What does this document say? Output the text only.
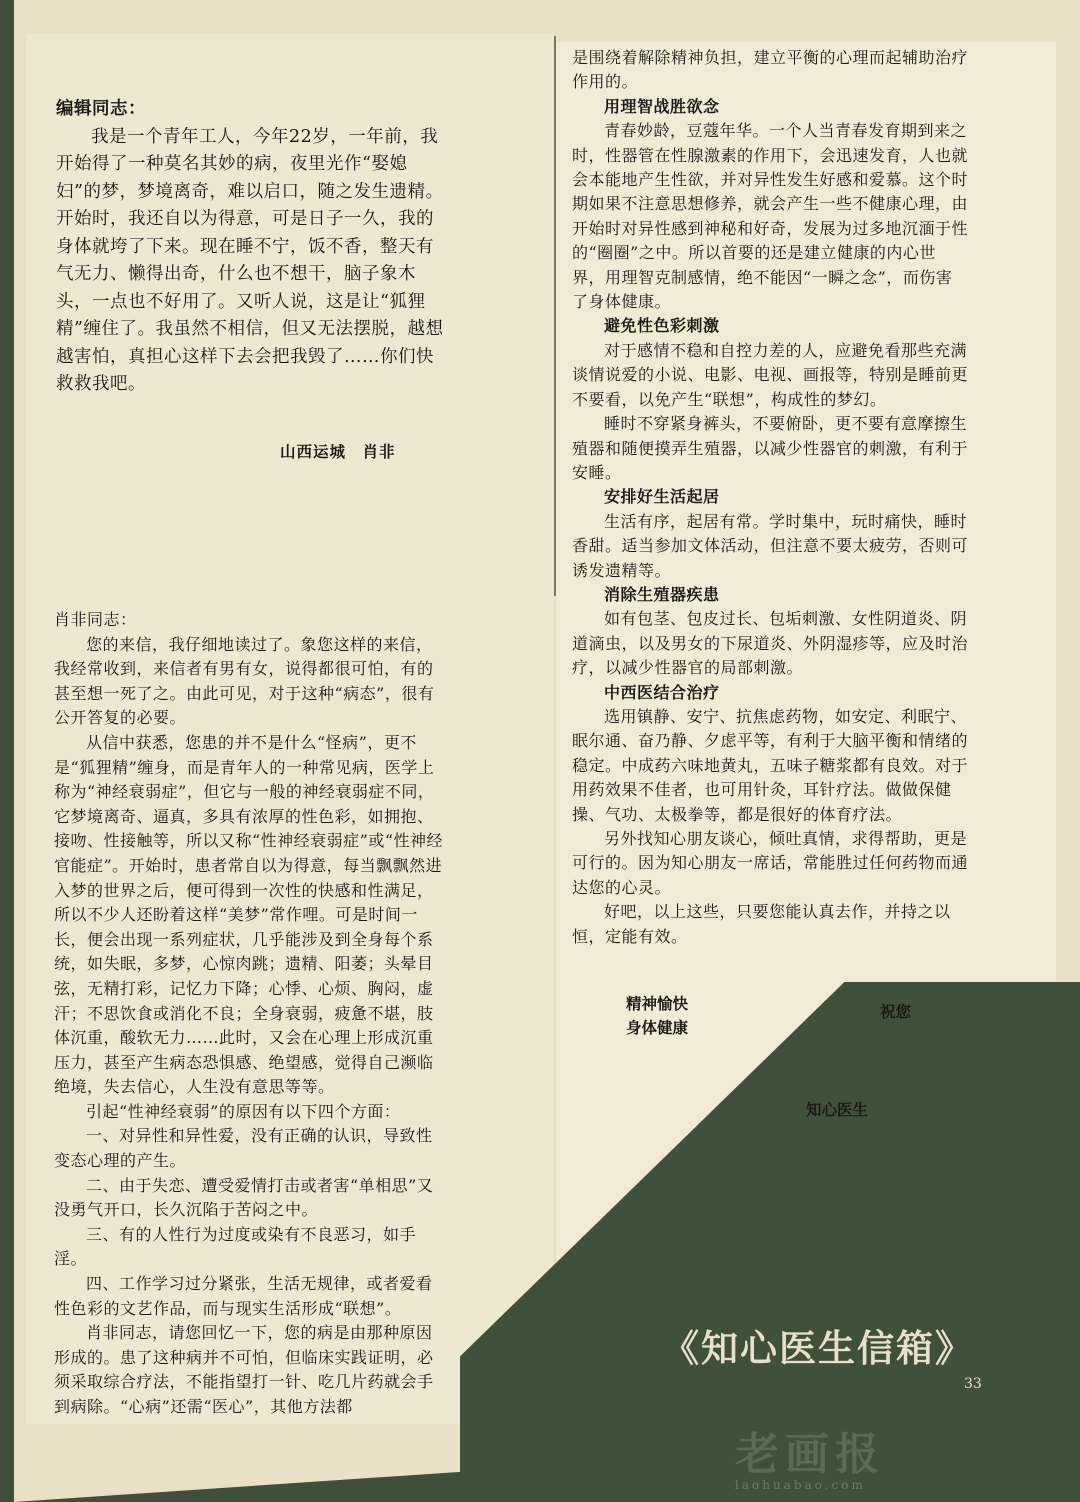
编辑同志：

我是一个青年工人，今年22岁，一年前，我开始得了一种莫名其妙的病，夜里光作“娶媳妇”的梦，梦境离奇，难以启口，随之发生遗精。开始时，我还自以为得意，可是日子一久，我的身体就垮了下来。现在睡不宁，饭不香，整天有气无力、懒得出奇，什么也不想干，脑子象木头，一点也不好用了。又听人说，这是让“狐狸精”缠住了。我虽然不相信，但又无法摆脱，越想越害怕，真担心这样下去会把我毁了……你们快救救我吧。

山西运城　肖非

肖非同志：

您的来信，我仔细地读过了。象您这样的来信，我经常收到，来信者有男有女，说得都很可怕，有的甚至想一死了之。由此可见，对于这种“病态”，很有公开答复的必要。

从信中获悉，您患的并不是什么“怪病”，更不是“狐狸精”缠身，而是青年人的一种常见病，医学上称为“神经衰弱症”，但它与一般的神经衰弱症不同，它梦境离奇、逼真，多具有浓厚的性色彩，如拥抱、接吻、性接触等，所以又称“性神经衰弱症”或“性神经官能症”。开始时，患者常自以为得意，每当飘飘然进入梦的世界之后，便可得到一次性的快感和性满足，所以不少人还盼着这样“美梦”常作哩。可是时间一长，便会出现一系列症状，几乎能涉及到全身每个系统，如失眠，多梦，心惊肉跳；遗精、阳萎；头晕目弦，无精打彩，记忆力下降；心悸、心烦、胸闷，虚汗；不思饮食或消化不良；全身衰弱，疲惫不堪，肢体沉重，酸软无力……此时，又会在心理上形成沉重压力，甚至产生病态恐惧感、绝望感，觉得自己濒临绝境，失去信心，人生没有意思等等。

引起“性神经衰弱”的原因有以下四个方面：

一、对异性和异性爱，没有正确的认识，导致性变态心理的产生。

二、由于失恋、遭受爱情打击或者害“单相思”又没勇气开口，长久沉陷于苦闷之中。

三、有的人性行为过度或染有不良恶习，如手淫。

四、工作学习过分紧张，生活无规律，或者爱看性色彩的文艺作品，而与现实生活形成“联想”。

肖非同志，请您回忆一下，您的病是由那种原因形成的。患了这种病并不可怕，但临床实践证明，必须采取综合疗法，不能指望打一针、吃几片药就会手到病除。“心病”还需“医心”，其他方法都

是围绕着解除精神负担，建立平衡的心理而起辅助治疗作用的。

用理智战胜欲念

青春妙龄，豆蔻年华。一个人当青春发育期到来之时，性器管在性腺激素的作用下，会迅速发育，人也就会本能地产生性欲，并对异性发生好感和爱慕。这个时期如果不注意思想修养，就会产生一些不健康心理，由开始时对异性感到神秘和好奇，发展为过多地沉湎于性的“圈圈”之中。所以首要的还是建立健康的内心世界，用理智克制感情，绝不能因“一瞬之念”，而伤害了身体健康。

避免性色彩刺激

对于感情不稳和自控力差的人，应避免看那些充满谈情说爱的小说、电影、电视、画报等，特别是睡前更不要看，以免产生“联想”，构成性的梦幻。

睡时不穿紧身裤头，不要俯卧，更不要有意摩擦生殖器和随便摸弄生殖器，以减少性器官的刺激，有利于安睡。

安排好生活起居

生活有序，起居有常。学时集中，玩时痛快，睡时香甜。适当参加文体活动，但注意不要太疲劳，否则可诱发遗精等。

消除生殖器疾患

如有包茎、包皮过长、包垢刺激、女性阴道炎、阴道滴虫，以及男女的下尿道炎、外阴湿疹等，应及时治疗，以减少性器官的局部刺激。

中西医结合治疗

选用镇静、安宁、抗焦虑药物，如安定、利眠宁、眠尔通、奋乃静、夕虑平等，有利于大脑平衡和情绪的稳定。中成药六味地黄丸，五味子糖浆都有良效。对于用药效果不佳者，也可用针灸，耳针疗法。做做保健操、气功、太极拳等，都是很好的体育疗法。

另外找知心朋友谈心，倾吐真情，求得帮助，更是可行的。因为知心朋友一席话，常能胜过任何药物而通达您的心灵。

好吧，以上这些，只要您能认真去作，并持之以恒，定能有效。

精神愉快	祝您
身体健康
知心医生
《知心医生信箱》
33
老画报
laohuabao.com
